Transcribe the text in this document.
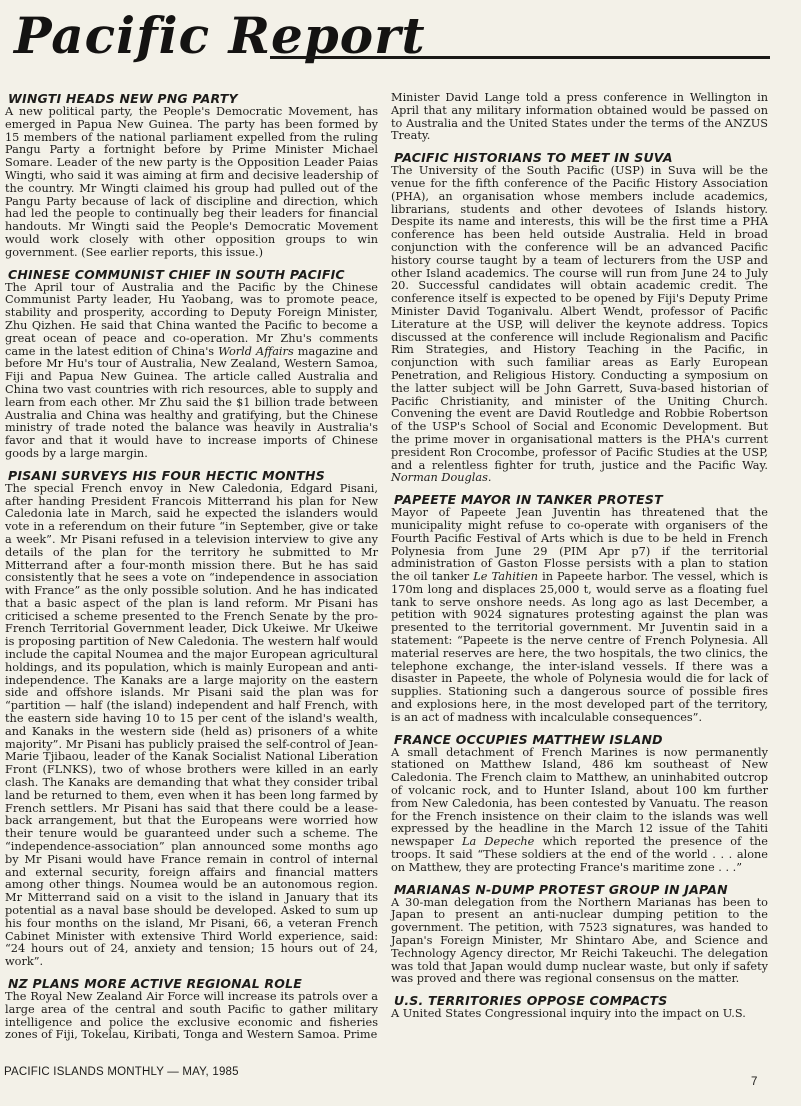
Pacific Report
WINGTI HEADS NEW PNG PARTY

A new political party, the People's Democratic Movement, has emerged in Papua New Guinea. The party has been formed by 15 members of the national parliament expelled from the ruling Pangu Party a fortnight before by Prime Minister Michael Somare. Leader of the new party is the Opposition Leader Paias Wingti, who said it was aiming at firm and decisive leadership of the country. Mr Wingti claimed his group had pulled out of the Pangu Party because of lack of discipline and direction, which had led the people to continually beg their leaders for financial handouts. Mr Wingti said the People's Democratic Movement would work closely with other opposition groups to win government. (See earlier reports, this issue.)

CHINESE COMMUNIST CHIEF IN SOUTH PACIFIC

The April tour of Australia and the Pacific by the Chinese Communist Party leader, Hu Yaobang, was to promote peace, stability and prosperity, according to Deputy Foreign Minister, Zhu Qizhen. He said that China wanted the Pacific to become a great ocean of peace and co-operation. Mr Zhu's comments came in the latest edition of China's World Affairs magazine and before Mr Hu's tour of Australia, New Zealand, Western Samoa, Fiji and Papua New Guinea. The article called Australia and China two vast countries with rich resources, able to supply and learn from each other. Mr Zhu said the $1 billion trade between Australia and China was healthy and gratifying, but the Chinese ministry of trade noted the balance was heavily in Australia's favor and that it would have to increase imports of Chinese goods by a large margin.

PISANI SURVEYS HIS FOUR HECTIC MONTHS

The special French envoy in New Caledonia, Edgard Pisani, after handing President Francois Mitterrand his plan for New Caledonia late in March, said he expected the islanders would vote in a referendum on their future “in September, give or take a week”. Mr Pisani refused in a television interview to give any details of the plan for the territory he submitted to Mr Mitterrand after a four-month mission there. But he has said consistently that he sees a vote on “independence in association with France” as the only possible solution. And he has indicated that a basic aspect of the plan is land reform. Mr Pisani has criticised a scheme presented to the French Senate by the pro-French Territorial Government leader, Dick Ukeiwe. Mr Ukeiwe is proposing partition of New Caledonia. The western half would include the capital Noumea and the major European agricultural holdings, and its population, which is mainly European and anti-independence. The Kanaks are a large majority on the eastern side and offshore islands. Mr Pisani said the plan was for “partition — half (the island) independent and half French, with the eastern side having 10 to 15 per cent of the island's wealth, and Kanaks in the western side (held as) prisoners of a white majority”. Mr Pisani has publicly praised the self-control of Jean-Marie Tjibaou, leader of the Kanak Socialist National Liberation Front (FLNKS), two of whose brothers were killed in an early clash. The Kanaks are demanding that what they consider tribal land be returned to them, even when it has been long farmed by French settlers. Mr Pisani has said that there could be a lease-back arrangement, but that the Europeans were worried how their tenure would be guaranteed under such a scheme. The “independence-association” plan announced some months ago by Mr Pisani would have France remain in control of internal and external security, foreign affairs and financial matters among other things. Noumea would be an autonomous region. Mr Mitterrand said on a visit to the island in January that its potential as a naval base should be developed. Asked to sum up his four months on the island, Mr Pisani, 66, a veteran French Cabinet Minister with extensive Third World experience, said: “24 hours out of 24, anxiety and tension; 15 hours out of 24, work”.

NZ PLANS MORE ACTIVE REGIONAL ROLE

The Royal New Zealand Air Force will increase its patrols over a large area of the central and south Pacific to gather military intelligence and police the exclusive economic and fisheries zones of Fiji, Tokelau, Kiribati, Tonga and Western Samoa. Prime

Minister David Lange told a press conference in Wellington in April that any military information obtained would be passed on to Australia and the United States under the terms of the ANZUS Treaty.

PACIFIC HISTORIANS TO MEET IN SUVA

The University of the South Pacific (USP) in Suva will be the venue for the fifth conference of the Pacific History Association (PHA), an organisation whose members include academics, librarians, students and other devotees of Islands history. Despite its name and interests, this will be the first time a PHA conference has been held outside Australia. Held in broad conjunction with the conference will be an advanced Pacific history course taught by a team of lecturers from the USP and other Island academics. The course will run from June 24 to July 20. Successful candidates will obtain academic credit. The conference itself is expected to be opened by Fiji's Deputy Prime Minister David Toganivalu. Albert Wendt, professor of Pacific Literature at the USP, will deliver the keynote address. Topics discussed at the conference will include Regionalism and Pacific Rim Strategies, and History Teaching in the Pacific, in conjunction with such familiar areas as Early European Penetration, and Religious History. Conducting a symposium on the latter subject will be John Garrett, Suva-based historian of Pacific Christianity, and minister of the Uniting Church. Convening the event are David Routledge and Robbie Robertson of the USP's School of Social and Economic Development. But the prime mover in organisational matters is the PHA's current president Ron Crocombe, professor of Pacific Studies at the USP, and a relentless fighter for truth, justice and the Pacific Way. Norman Douglas.

PAPEETE MAYOR IN TANKER PROTEST

Mayor of Papeete Jean Juventin has threatened that the municipality might refuse to co-operate with organisers of the Fourth Pacific Festival of Arts which is due to be held in French Polynesia from June 29 (PIM Apr p7) if the territorial administration of Gaston Flosse persists with a plan to station the oil tanker Le Tahitien in Papeete harbor. The vessel, which is 170m long and displaces 25,000 t, would serve as a floating fuel tank to serve onshore needs. As long ago as last December, a petition with 9024 signatures protesting against the plan was presented to the territorial government. Mr Juventin said in a statement: “Papeete is the nerve centre of French Polynesia. All material reserves are here, the two hospitals, the two clinics, the telephone exchange, the inter-island vessels. If there was a disaster in Papeete, the whole of Polynesia would die for lack of supplies. Stationing such a dangerous source of possible fires and explosions here, in the most developed part of the territory, is an act of madness with incalculable consequences”.

FRANCE OCCUPIES MATTHEW ISLAND

A small detachment of French Marines is now permanently stationed on Matthew Island, 486 km southeast of New Caledonia. The French claim to Matthew, an uninhabited outcrop of volcanic rock, and to Hunter Island, about 100 km further from New Caledonia, has been contested by Vanuatu. The reason for the French insistence on their claim to the islands was well expressed by the headline in the March 12 issue of the Tahiti newspaper La Depeche which reported the presence of the troops. It said “These soldiers at the end of the world . . . alone on Matthew, they are protecting France's maritime zone . . .”

MARIANAS N-DUMP PROTEST GROUP IN JAPAN

A 30-man delegation from the Northern Marianas has been to Japan to present an anti-nuclear dumping petition to the government. The petition, with 7523 signatures, was handed to Japan's Foreign Minister, Mr Shintaro Abe, and Science and Technology Agency director, Mr Reichi Takeuchi. The delegation was told that Japan would dump nuclear waste, but only if safety was proved and there was regional consensus on the matter.

U.S. TERRITORIES OPPOSE COMPACTS

A United States Congressional inquiry into the impact on U.S.

PACIFIC ISLANDS MONTHLY — MAY, 1985
7
